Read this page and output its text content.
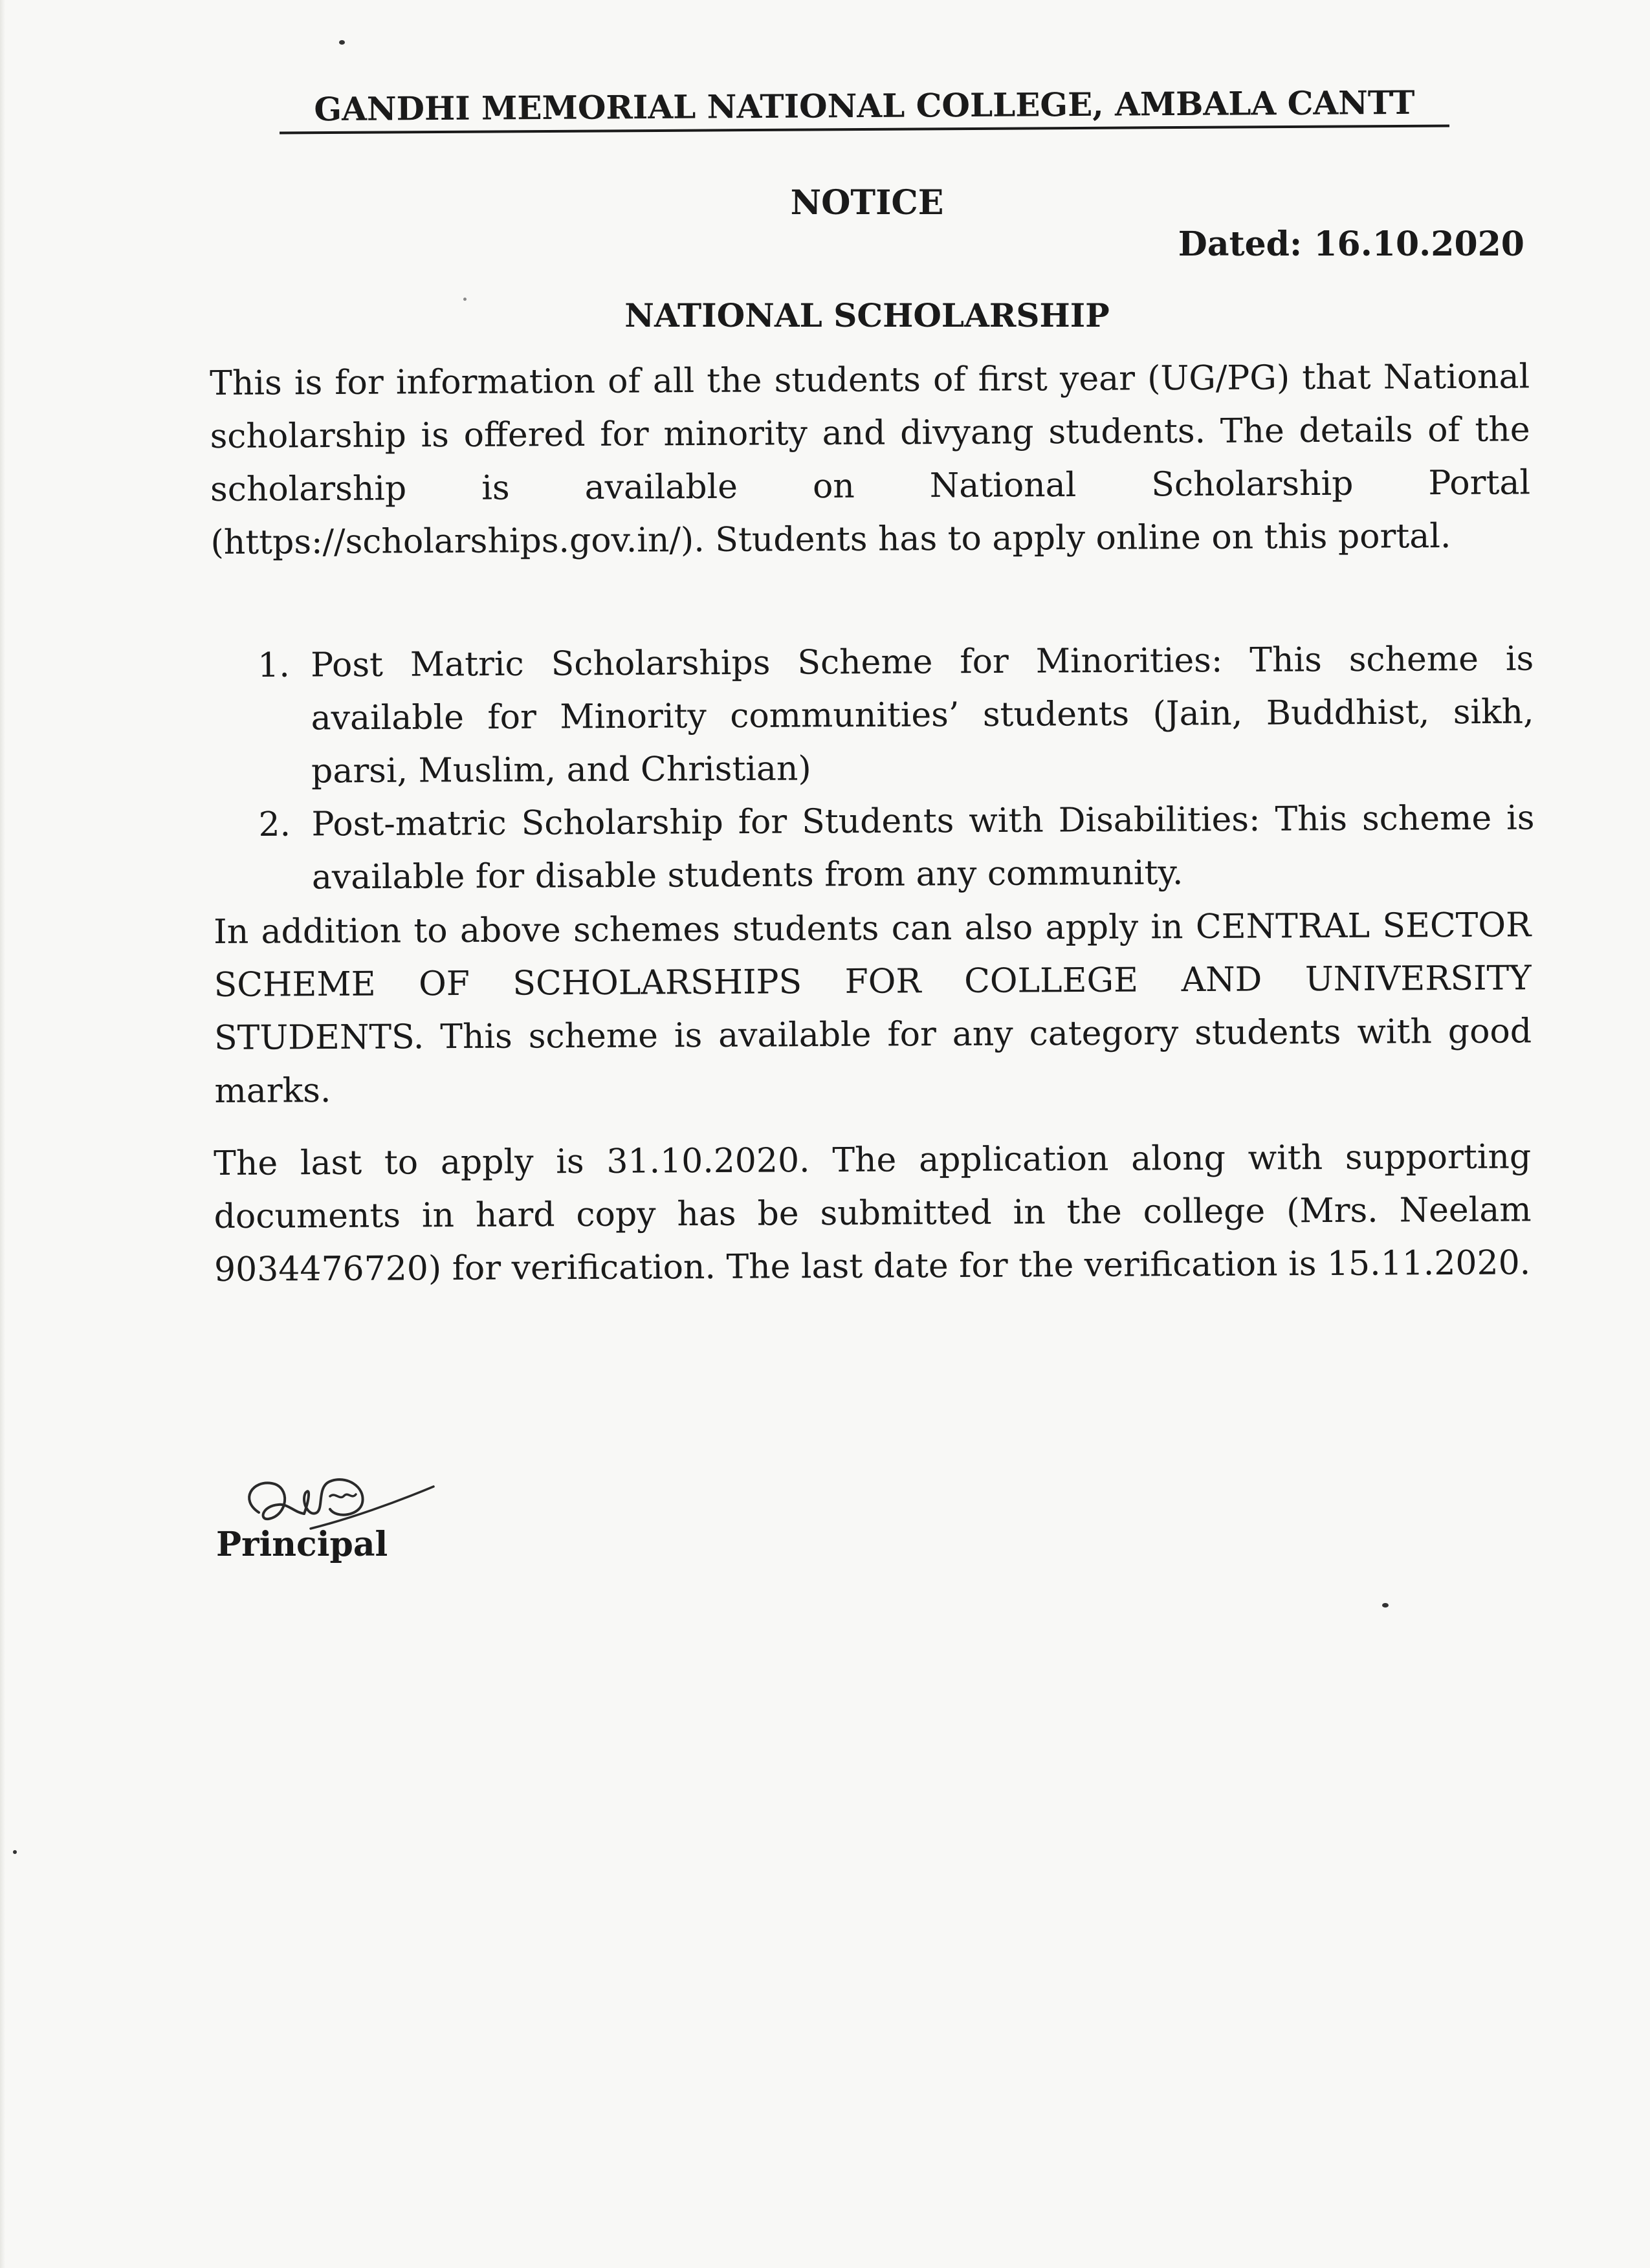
GANDHI MEMORIAL NATIONAL COLLEGE, AMBALA CANTT
NOTICE
Dated: 16.10.2020
NATIONAL SCHOLARSHIP
This is for information of all the students of first year (UG/PG) that National scholarship is offered for minority and divyang students. The details of the scholarship is available on National Scholarship Portal (https://scholarships.gov.in/). Students has to apply online on this portal.
1. Post Matric Scholarships Scheme for Minorities: This scheme is available for Minority communities’ students (Jain, Buddhist, sikh, parsi, Muslim, and Christian)
2. Post-matric Scholarship for Students with Disabilities: This scheme is available for disable students from any community.
In addition to above schemes students can also apply in CENTRAL SECTOR SCHEME OF SCHOLARSHIPS FOR COLLEGE AND UNIVERSITY STUDENTS. This scheme is available for any category students with good marks.
The last to apply is 31.10.2020. The application along with supporting documents in hard copy has be submitted in the college (Mrs. Neelam 9034476720) for verification. The last date for the verification is 15.11.2020.
Principal
